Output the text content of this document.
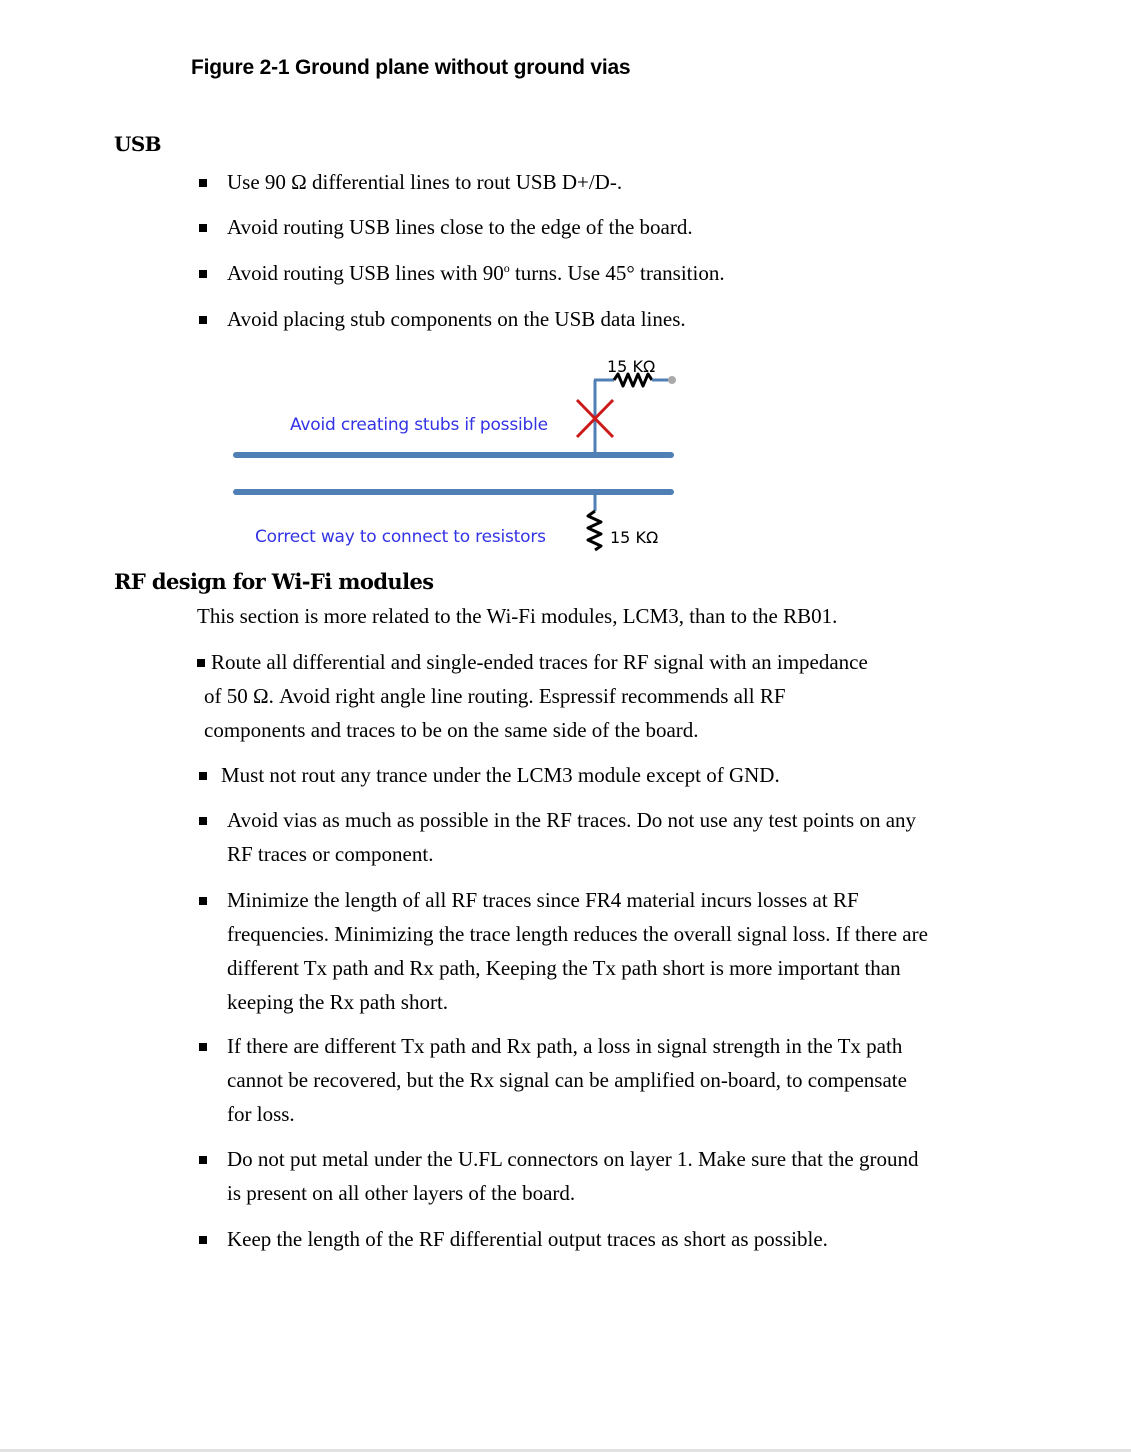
Figure 2-1 Ground plane without ground vias
USB
Use 90 Ω differential lines to rout USB D+/D-.
Avoid routing USB lines close to the edge of the board.
Avoid routing USB lines with 90$^o$ turns. Use 45° transition.
Avoid placing stub components on the USB data lines.
15 KΩ
Avoid creating stubs if possible
Correct way to connect to resistors	15 KΩ
RF design for Wi-Fi modules
This section is more related to the Wi-Fi modules, LCM3, than to the RB01.
Route all differential and single-ended traces for RF signal with an impedance
of 50 Ω. Avoid right angle line routing. Espressif recommends all RF
components and traces to be on the same side of the board.
Must not rout any trance under the LCM3 module except of GND.
Avoid vias as much as possible in the RF traces. Do not use any test points on any
RF traces or component.
Minimize the length of all RF traces since FR4 material incurs losses at RF
frequencies. Minimizing the trace length reduces the overall signal loss. If there are
different Tx path and Rx path, Keeping the Tx path short is more important than
keeping the Rx path short.
If there are different Tx path and Rx path, a loss in signal strength in the Tx path
cannot be recovered, but the Rx signal can be amplified on-board, to compensate
for loss.
Do not put metal under the U.FL connectors on layer 1. Make sure that the ground
is present on all other layers of the board.
Keep the length of the RF differential output traces as short as possible.
